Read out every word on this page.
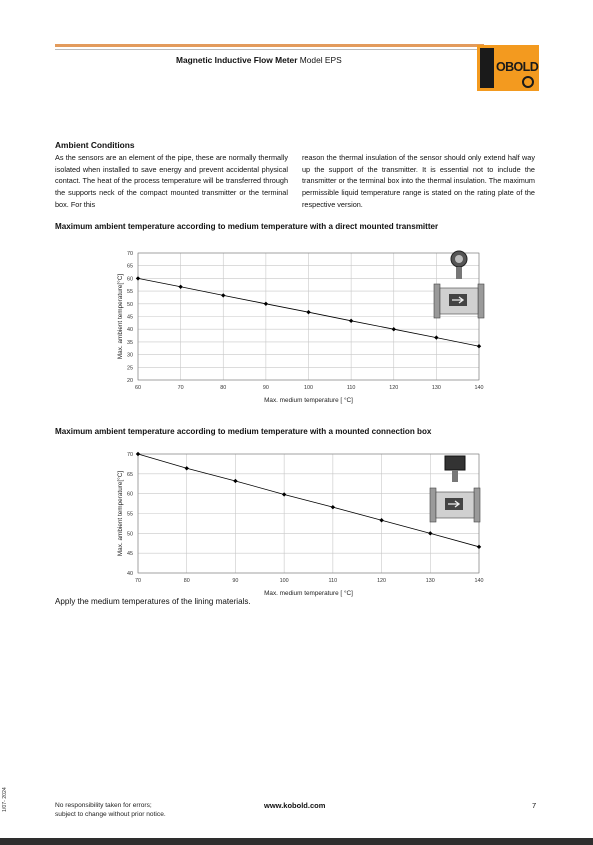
Magnetic Inductive Flow Meter Model EPS	OBOLD
Ambient Conditions
As the sensors are an element of the pipe, these are normally thermally isolated when installed to save energy and prevent accidental physical contact. The heat of the process temperature will be transferred through the supports neck of the compact mounted transmitter or the terminal box. For this
reason the thermal insulation of the sensor should only extend half way up the support of the transmitter. It is essential not to include the transmitter or the terminal box into the thermal insulation. The maximum permissible liquid temperature range is stated on the rating plate of the respective version.
Maximum ambient temperature according to medium temperature with a direct mounted transmitter
20
25
30
35
40
45
50
55
60
65
70
60	70	80	90	100	110	120	130	140
Max. ambient temperature[°C]
Max. medium temperature [ °C]
Maximum ambient temperature according to medium temperature with a mounted connection box
40
45
50
55
60
65
70
70	80	90	100	110	120	130	140
Max. ambient temperature[°C]
Max. medium temperature [ °C]
Apply the medium temperatures of the lining materials.
1/07- 2024	No responsibility taken for errors;
subject to change without prior notice.
www.kobold.com	7
